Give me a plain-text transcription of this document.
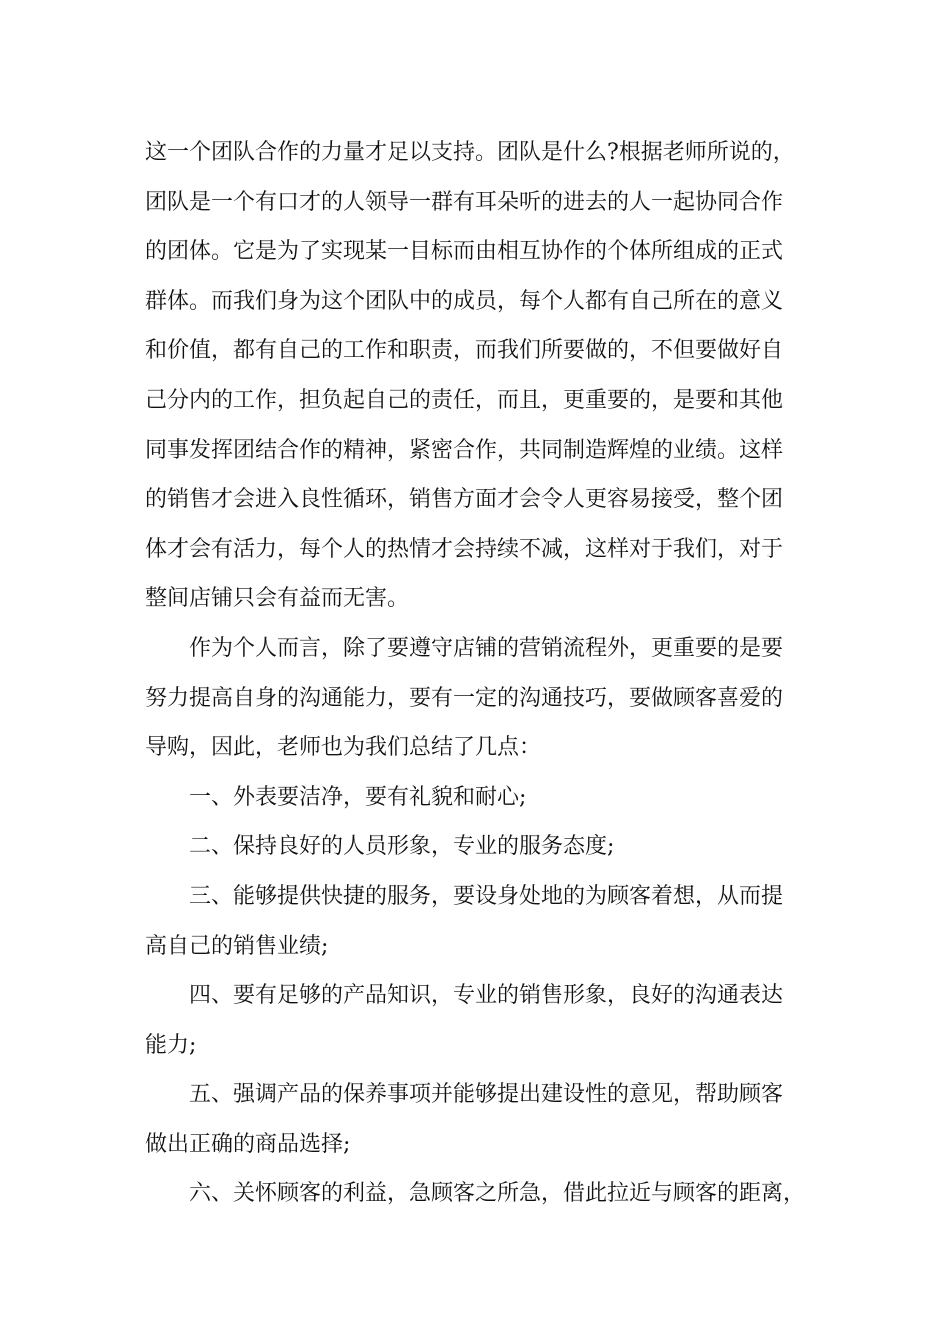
这一个团队合作的力量才足以支持。团队是什么?根据老师所说的，
团队是一个有口才的人领导一群有耳朵听的进去的人一起协同合作
的团体。它是为了实现某一目标而由相互协作的个体所组成的正式
群体。而我们身为这个团队中的成员，每个人都有自己所在的意义
和价值，都有自己的工作和职责，而我们所要做的，不但要做好自
己分内的工作，担负起自己的责任，而且，更重要的，是要和其他
同事发挥团结合作的精神，紧密合作，共同制造辉煌的业绩。这样
的销售才会进入良性循环，销售方面才会令人更容易接受，整个团
体才会有活力，每个人的热情才会持续不减，这样对于我们，对于
整间店铺只会有益而无害。
作为个人而言，除了要遵守店铺的营销流程外，更重要的是要
努力提高自身的沟通能力，要有一定的沟通技巧，要做顾客喜爱的
导购，因此，老师也为我们总结了几点：
一、外表要洁净，要有礼貌和耐心;
二、保持良好的人员形象，专业的服务态度;
三、能够提供快捷的服务，要设身处地的为顾客着想，从而提
高自己的销售业绩;
四、要有足够的产品知识，专业的销售形象，良好的沟通表达
能力;
五、强调产品的保养事项并能够提出建设性的意见，帮助顾客
做出正确的商品选择;
六、关怀顾客的利益，急顾客之所急，借此拉近与顾客的距离，
